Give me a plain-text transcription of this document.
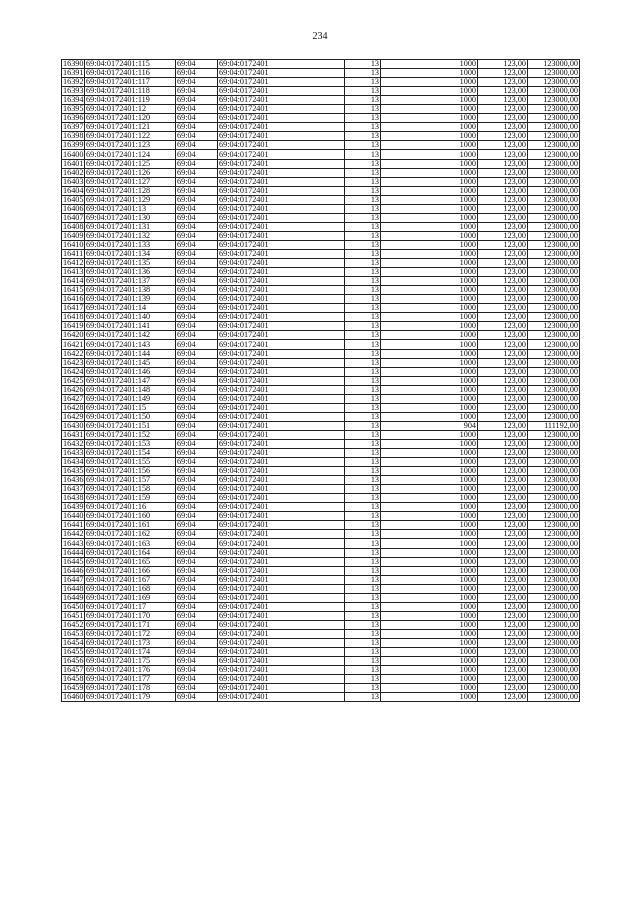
234
16390	69:04:0172401:115	69:04	69:04:0172401	13	1000	123,00	123000,00
16391	69:04:0172401:116	69:04	69:04:0172401	13	1000	123,00	123000,00
16392	69:04:0172401:117	69:04	69:04:0172401	13	1000	123,00	123000,00
16393	69:04:0172401:118	69:04	69:04:0172401	13	1000	123,00	123000,00
16394	69:04:0172401:119	69:04	69:04:0172401	13	1000	123,00	123000,00
16395	69:04:0172401:12	69:04	69:04:0172401	13	1000	123,00	123000,00
16396	69:04:0172401:120	69:04	69:04:0172401	13	1000	123,00	123000,00
16397	69:04:0172401:121	69:04	69:04:0172401	13	1000	123,00	123000,00
16398	69:04:0172401:122	69:04	69:04:0172401	13	1000	123,00	123000,00
16399	69:04:0172401:123	69:04	69:04:0172401	13	1000	123,00	123000,00
16400	69:04:0172401:124	69:04	69:04:0172401	13	1000	123,00	123000,00
16401	69:04:0172401:125	69:04	69:04:0172401	13	1000	123,00	123000,00
16402	69:04:0172401:126	69:04	69:04:0172401	13	1000	123,00	123000,00
16403	69:04:0172401:127	69:04	69:04:0172401	13	1000	123,00	123000,00
16404	69:04:0172401:128	69:04	69:04:0172401	13	1000	123,00	123000,00
16405	69:04:0172401:129	69:04	69:04:0172401	13	1000	123,00	123000,00
16406	69:04:0172401:13	69:04	69:04:0172401	13	1000	123,00	123000,00
16407	69:04:0172401:130	69:04	69:04:0172401	13	1000	123,00	123000,00
16408	69:04:0172401:131	69:04	69:04:0172401	13	1000	123,00	123000,00
16409	69:04:0172401:132	69:04	69:04:0172401	13	1000	123,00	123000,00
16410	69:04:0172401:133	69:04	69:04:0172401	13	1000	123,00	123000,00
16411	69:04:0172401:134	69:04	69:04:0172401	13	1000	123,00	123000,00
16412	69:04:0172401:135	69:04	69:04:0172401	13	1000	123,00	123000,00
16413	69:04:0172401:136	69:04	69:04:0172401	13	1000	123,00	123000,00
16414	69:04:0172401:137	69:04	69:04:0172401	13	1000	123,00	123000,00
16415	69:04:0172401:138	69:04	69:04:0172401	13	1000	123,00	123000,00
16416	69:04:0172401:139	69:04	69:04:0172401	13	1000	123,00	123000,00
16417	69:04:0172401:14	69:04	69:04:0172401	13	1000	123,00	123000,00
16418	69:04:0172401:140	69:04	69:04:0172401	13	1000	123,00	123000,00
16419	69:04:0172401:141	69:04	69:04:0172401	13	1000	123,00	123000,00
16420	69:04:0172401:142	69:04	69:04:0172401	13	1000	123,00	123000,00
16421	69:04:0172401:143	69:04	69:04:0172401	13	1000	123,00	123000,00
16422	69:04:0172401:144	69:04	69:04:0172401	13	1000	123,00	123000,00
16423	69:04:0172401:145	69:04	69:04:0172401	13	1000	123,00	123000,00
16424	69:04:0172401:146	69:04	69:04:0172401	13	1000	123,00	123000,00
16425	69:04:0172401:147	69:04	69:04:0172401	13	1000	123,00	123000,00
16426	69:04:0172401:148	69:04	69:04:0172401	13	1000	123,00	123000,00
16427	69:04:0172401:149	69:04	69:04:0172401	13	1000	123,00	123000,00
16428	69:04:0172401:15	69:04	69:04:0172401	13	1000	123,00	123000,00
16429	69:04:0172401:150	69:04	69:04:0172401	13	1000	123,00	123000,00
16430	69:04:0172401:151	69:04	69:04:0172401	13	904	123,00	111192,00
16431	69:04:0172401:152	69:04	69:04:0172401	13	1000	123,00	123000,00
16432	69:04:0172401:153	69:04	69:04:0172401	13	1000	123,00	123000,00
16433	69:04:0172401:154	69:04	69:04:0172401	13	1000	123,00	123000,00
16434	69:04:0172401:155	69:04	69:04:0172401	13	1000	123,00	123000,00
16435	69:04:0172401:156	69:04	69:04:0172401	13	1000	123,00	123000,00
16436	69:04:0172401:157	69:04	69:04:0172401	13	1000	123,00	123000,00
16437	69:04:0172401:158	69:04	69:04:0172401	13	1000	123,00	123000,00
16438	69:04:0172401:159	69:04	69:04:0172401	13	1000	123,00	123000,00
16439	69:04:0172401:16	69:04	69:04:0172401	13	1000	123,00	123000,00
16440	69:04:0172401:160	69:04	69:04:0172401	13	1000	123,00	123000,00
16441	69:04:0172401:161	69:04	69:04:0172401	13	1000	123,00	123000,00
16442	69:04:0172401:162	69:04	69:04:0172401	13	1000	123,00	123000,00
16443	69:04:0172401:163	69:04	69:04:0172401	13	1000	123,00	123000,00
16444	69:04:0172401:164	69:04	69:04:0172401	13	1000	123,00	123000,00
16445	69:04:0172401:165	69:04	69:04:0172401	13	1000	123,00	123000,00
16446	69:04:0172401:166	69:04	69:04:0172401	13	1000	123,00	123000,00
16447	69:04:0172401:167	69:04	69:04:0172401	13	1000	123,00	123000,00
16448	69:04:0172401:168	69:04	69:04:0172401	13	1000	123,00	123000,00
16449	69:04:0172401:169	69:04	69:04:0172401	13	1000	123,00	123000,00
16450	69:04:0172401:17	69:04	69:04:0172401	13	1000	123,00	123000,00
16451	69:04:0172401:170	69:04	69:04:0172401	13	1000	123,00	123000,00
16452	69:04:0172401:171	69:04	69:04:0172401	13	1000	123,00	123000,00
16453	69:04:0172401:172	69:04	69:04:0172401	13	1000	123,00	123000,00
16454	69:04:0172401:173	69:04	69:04:0172401	13	1000	123,00	123000,00
16455	69:04:0172401:174	69:04	69:04:0172401	13	1000	123,00	123000,00
16456	69:04:0172401:175	69:04	69:04:0172401	13	1000	123,00	123000,00
16457	69:04:0172401:176	69:04	69:04:0172401	13	1000	123,00	123000,00
16458	69:04:0172401:177	69:04	69:04:0172401	13	1000	123,00	123000,00
16459	69:04:0172401:178	69:04	69:04:0172401	13	1000	123,00	123000,00
16460	69:04:0172401:179	69:04	69:04:0172401	13	1000	123,00	123000,00
